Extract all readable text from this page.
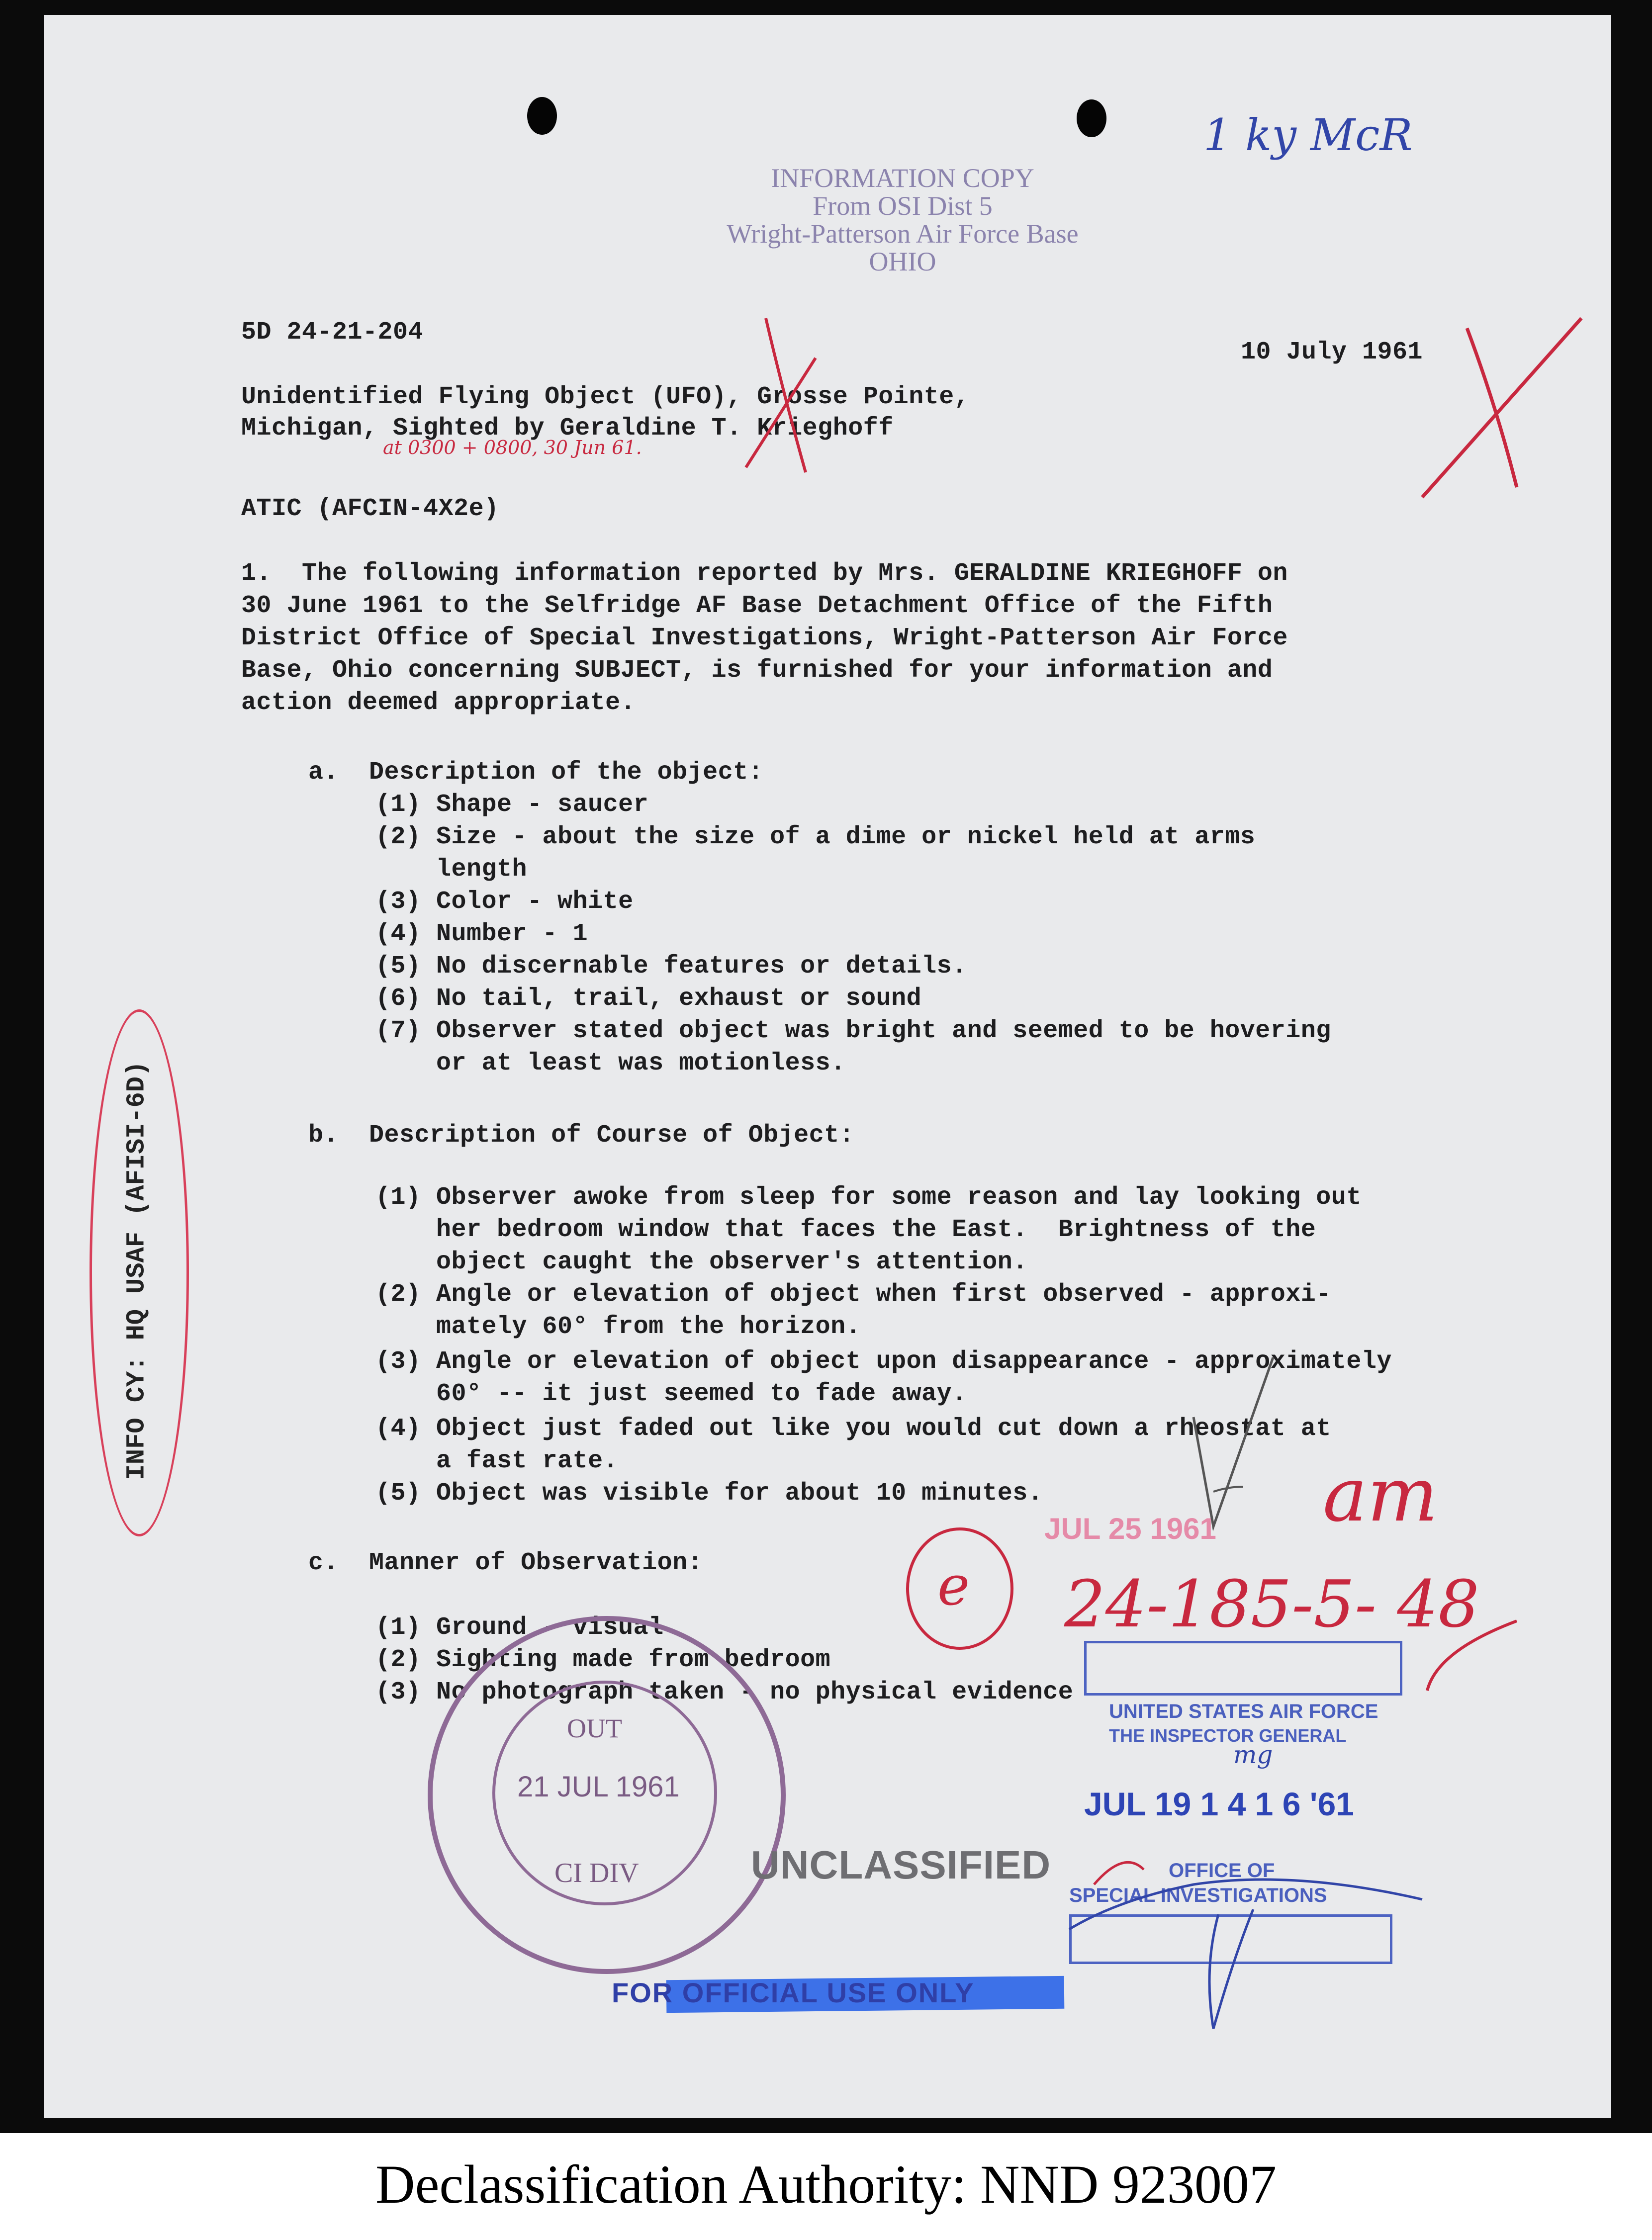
INFORMATION COPY
From OSI Dist 5
Wright-Patterson Air Force Base
OHIO
5D 24-21-204
10 July 1961
Unidentified Flying Object (UFO), Grosse Pointe,
Michigan, Sighted by Geraldine T. Krieghoff
at 0300 + 0800, 30 Jun 61.
ATIC (AFCIN-4X2e)
1.  The following information reported by Mrs. GERALDINE KRIEGHOFF on
30 June 1961 to the Selfridge AF Base Detachment Office of the Fifth
District Office of Special Investigations, Wright-Patterson Air Force
Base, Ohio concerning SUBJECT, is furnished for your information and
action deemed appropriate.
a.  Description of the object:
(1) Shape - saucer
(2) Size - about the size of a dime or nickel held at arms
length
(3) Color - white
(4) Number - 1
(5) No discernable features or details.
(6) No tail, trail, exhaust or sound
(7) Observer stated object was bright and seemed to be hovering
or at least was motionless.
b.  Description of Course of Object:
(1) Observer awoke from sleep for some reason and lay looking out
her bedroom window that faces the East.  Brightness of the
object caught the observer's attention.
(2) Angle or elevation of object when first observed - approxi-
mately 60° from the horizon.
(3) Angle or elevation of object upon disappearance - approximately
60° -- it just seemed to fade away.
(4) Object just faded out like you would cut down a rheostat at
a fast rate.
(5) Object was visible for about 10 minutes.
c.  Manner of Observation:
(1) Ground - visual
(2) Sighting made from bedroom
(3) No photograph taken - no physical evidence
INFO CY: HQ USAF (AFISI-6D)
1 ky McR
24-185-5- 48
am
e
mg
JUL 25 1961
OUT
21 JUL 1961
CI DIV	UNCLASSIFIED
UNITED STATES AIR FORCE
THE INSPECTOR GENERAL
JUL 19 1 4 1 6 '61
OFFICE OF
SPECIAL INVESTIGATIONS
FOR OFFICIAL USE ONLY
Declassification Authority: NND 923007
